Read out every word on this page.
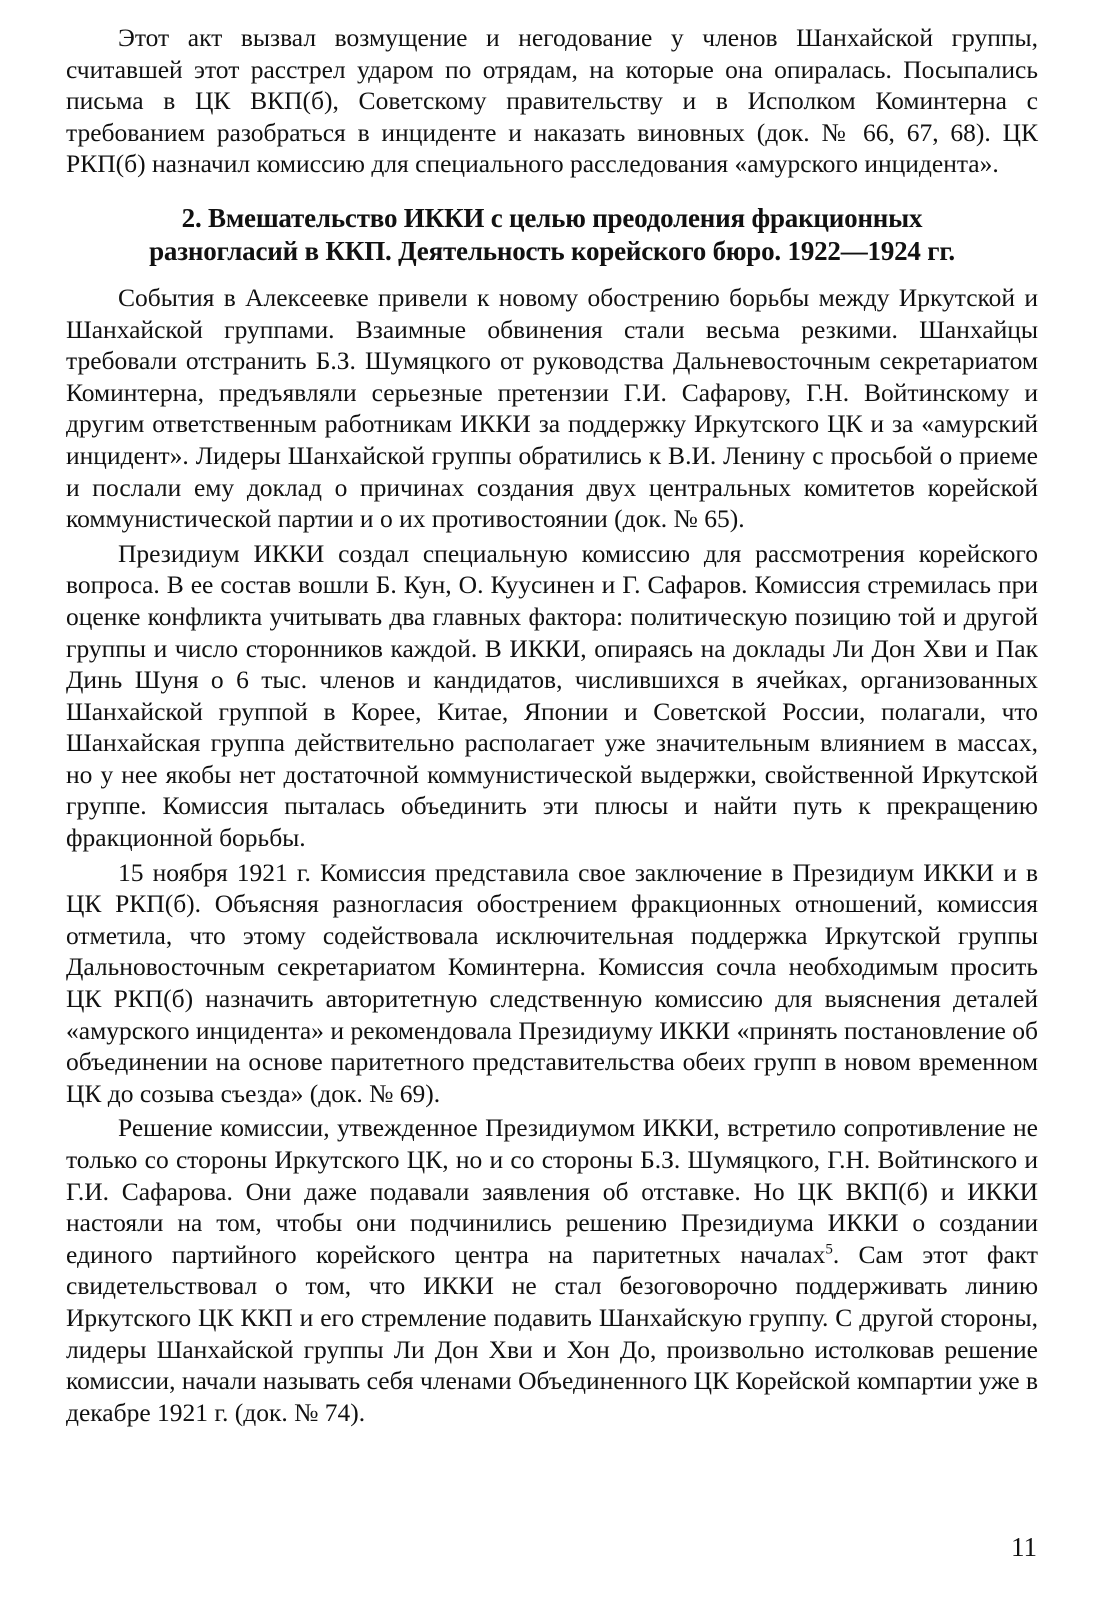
Этот акт вызвал возмущение и негодование у членов Шанхайской группы, считавшей этот расстрел ударом по отрядам, на которые она опиралась. Посыпались письма в ЦК ВКП(б), Советскому правительству и в Исполком Коминтерна с требованием разобраться в инциденте и наказать виновных (док. № 66, 67, 68). ЦК РКП(б) назначил комиссию для специального расследования «амурского инцидента».

2. Вмешательство ИККИ с целью преодоления фракционных
разногласий в ККП. Деятельность корейского бюро. 1922—1924 гг.

События в Алексеевке привели к новому обострению борьбы между Иркутской и Шанхайской группами. Взаимные обвинения стали весьма резкими. Шанхайцы требовали отстранить Б.З. Шумяцкого от руководства Дальневосточным секретариатом Коминтерна, предъявляли серьезные претензии Г.И. Сафарову, Г.Н. Войтинскому и другим ответственным работникам ИККИ за поддержку Иркутского ЦК и за «амурский инцидент». Лидеры Шанхайской группы обратились к В.И. Ленину с просьбой о приеме и послали ему доклад о причинах создания двух центральных комитетов корейской коммунистической партии и о их противостоянии (док. № 65).

Президиум ИККИ создал специальную комиссию для рассмотрения корейского вопроса. В ее состав вошли Б. Кун, О. Куусинен и Г. Сафаров. Комиссия стремилась при оценке конфликта учитывать два главных фактора: политическую позицию той и другой группы и число сторонников каждой. В ИККИ, опираясь на доклады Ли Дон Хви и Пак Динь Шуня о 6 тыс. членов и кандидатов, числившихся в ячейках, организованных Шанхайской группой в Корее, Китае, Японии и Советской России, полагали, что Шанхайская группа действительно располагает уже значительным влиянием в массах, но у нее якобы нет достаточной коммунистической выдержки, свойственной Иркутской группе. Комиссия пыталась объединить эти плюсы и найти путь к прекращению фракционной борьбы.

15 ноября 1921 г. Комиссия представила свое заключение в Президиум ИККИ и в ЦК РКП(б). Объясняя разногласия обострением фракционных отношений, комиссия отметила, что этому содействовала исключительная поддержка Иркутской группы Дальновосточным секретариатом Коминтерна. Комиссия сочла необходимым просить ЦК РКП(б) назначить авторитетную следственную комиссию для выяснения деталей «амурского инцидента» и рекомендовала Президиуму ИККИ «принять постановление об объединении на основе паритетного представительства обеих групп в новом временном ЦК до созыва съезда» (док. № 69).

Решение комиссии, утвежденное Президиумом ИККИ, встретило сопротивление не только со стороны Иркутского ЦК, но и со стороны Б.З. Шумяцкого, Г.Н. Войтинского и Г.И. Сафарова. Они даже подавали заявления об отставке. Но ЦК ВКП(б) и ИККИ настояли на том, чтобы они подчинились решению Президиума ИККИ о создании единого партийного корейского центра на паритетных началах$^5$. Сам этот факт свидетельствовал о том, что ИККИ не стал безоговорочно поддерживать линию Иркутского ЦК ККП и его стремление подавить Шанхайскую группу. С другой стороны, лидеры Шанхайской группы Ли Дон Хви и Хон До, произвольно истолковав решение комиссии, начали называть себя членами Объединенного ЦК Корейской компартии уже в декабре 1921 г. (док. № 74).

11
